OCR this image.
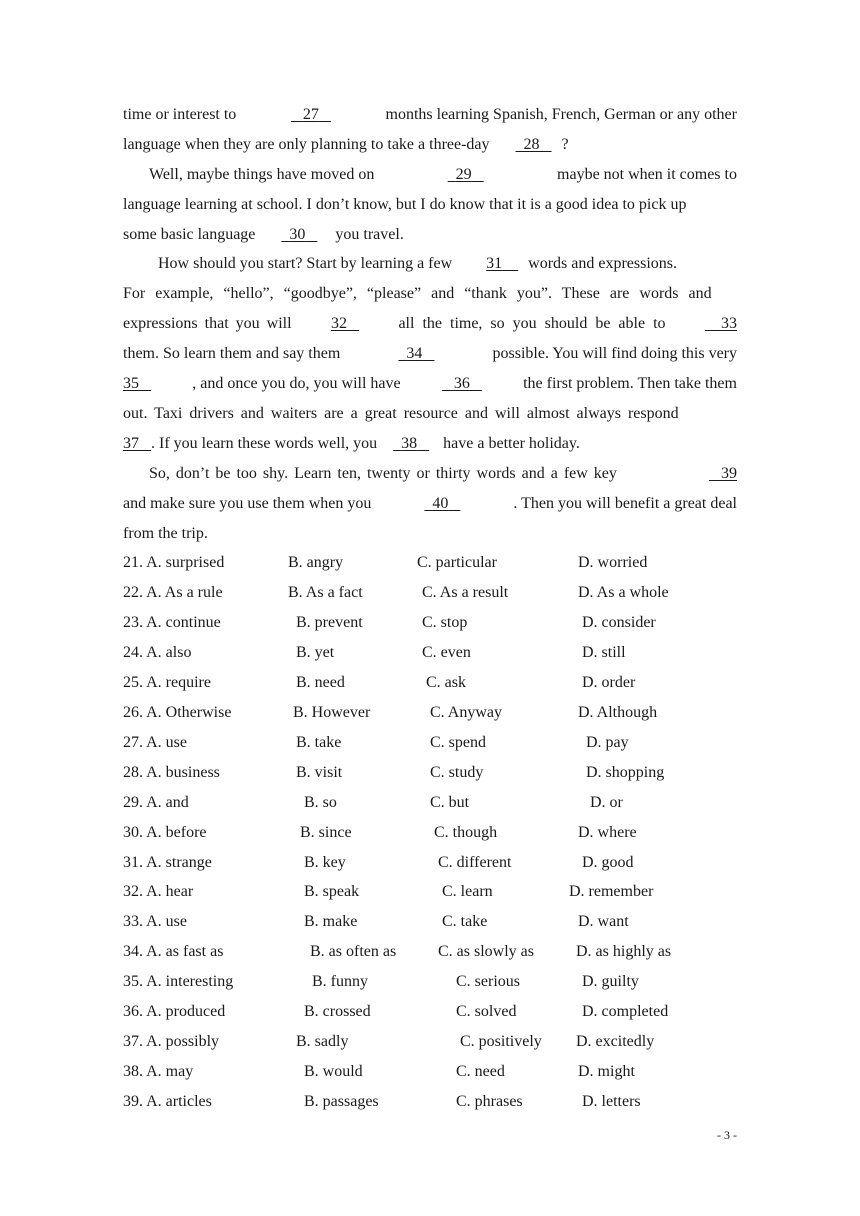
time or interest to	27	months learning Spanish, French, German or any other
language when they are only planning to take a three-day	28	?
Well, maybe things have moved on	29	maybe not when it comes to
language learning at school. I don’t know, but I do know that it is a good idea to pick up
some basic language	30	you travel.
How should you start? Start by learning a few 31	words and expressions.
For example, “hello”, “goodbye”, “please” and “thank you”. These are words and
expressions that you will 32	all the time, so you should be able to	33
them. So learn them and say them	34	possible. You will find doing this very
35	, and once you do, you will have	36	the first problem. Then take them
out. Taxi drivers and waiters are a great resource and will almost always respond
37 . If you learn these words well, you	38	have a better holiday.
So, don’t be too shy. Learn ten, twenty or thirty words and a few key	39
and make sure you use them when you	40	. Then you will benefit a great deal
from the trip.
21. A. surprised	B. angry	C. particular	D. worried
22. A. As a rule	B. As a fact	C. As a result	D. As a whole
23. A. continue	B. prevent	C. stop	D. consider
24. A. also	B. yet	C. even	D. still
25. A. require	B. need	C. ask	D. order
26. A. Otherwise	B. However	C. Anyway	D. Although
27. A. use	B. take	C. spend	D. pay
28. A. business	B. visit	C. study	D. shopping
29. A. and	B. so	C. but	D. or
30. A. before	B. since	C. though	D. where
31. A. strange	B. key	C. different	D. good
32. A. hear	B. speak	C. learn	D. remember
33. A. use	B. make	C. take	D. want
34. A. as fast as	B. as often as	C. as slowly as	D. as highly as
35. A. interesting	B. funny	C. serious	D. guilty
36. A. produced	B. crossed	C. solved	D. completed
37. A. possibly	B. sadly	C. positively D. excitedly
38. A. may	B. would	C. need	D. might
39. A. articles	B. passages	C. phrases	D. letters
- 3 -
